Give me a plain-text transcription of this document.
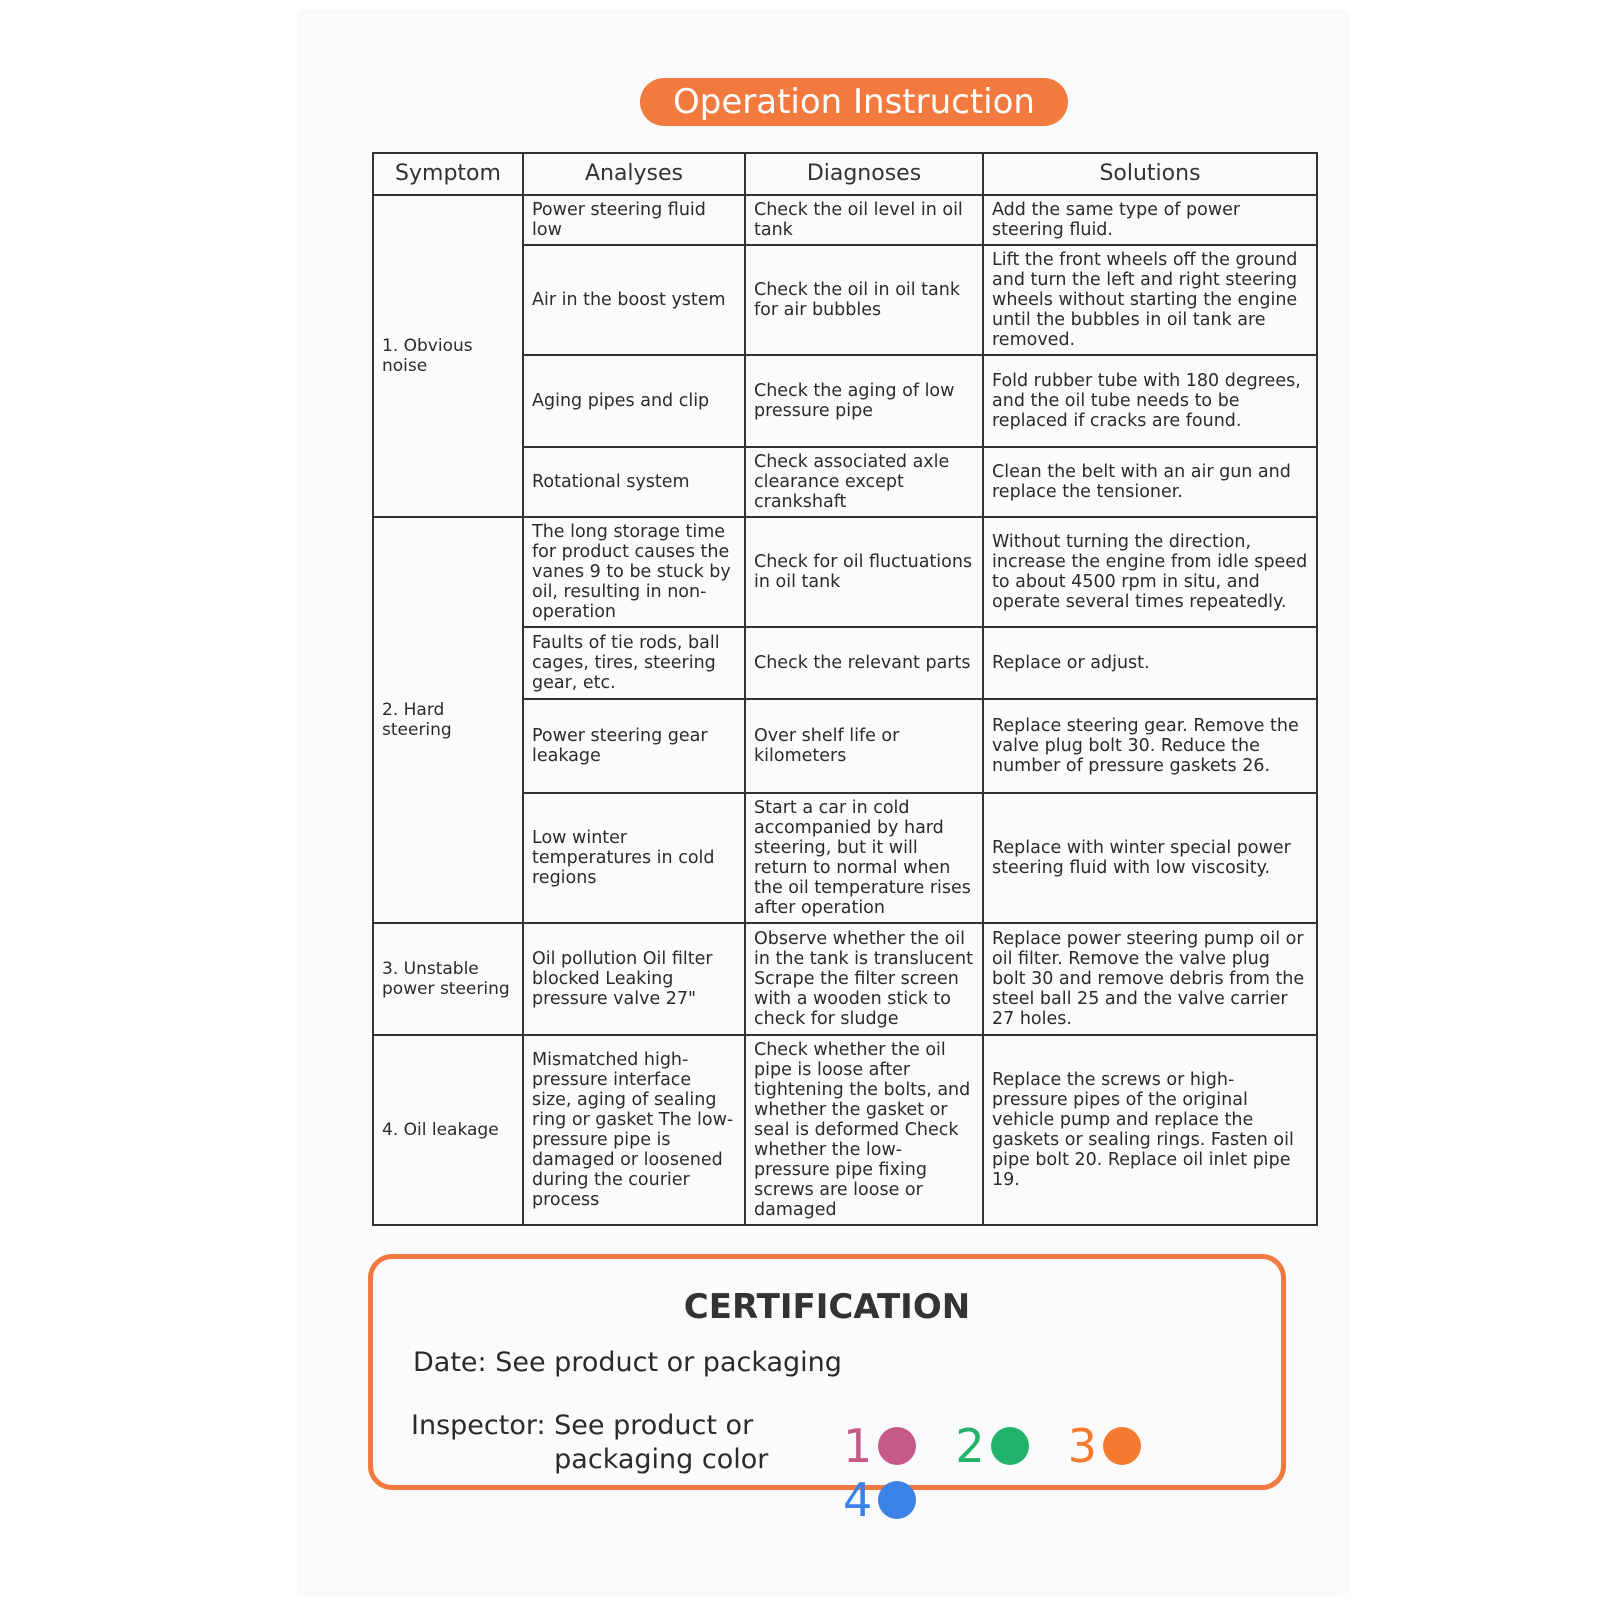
Operation Instruction
Symptom	Analyses	Diagnoses	Solutions
1. Obvious noise	Power steering fluid low	Check the oil level in oil tank	Add the same type of power steering fluid.
	Air in the boost ystem	Check the oil in oil tank for air bubbles	Lift the front wheels off the ground and turn the left and right steering wheels without starting the engine until the bubbles in oil tank are removed.
	Aging pipes and clip	Check the aging of low pressure pipe	Fold rubber tube with 180 degrees, and the oil tube needs to be replaced if cracks are found.
	Rotational system	Check associated axle clearance except crankshaft	Clean the belt with an air gun and replace the tensioner.
2. Hard steering	The long storage time for product causes the vanes 9 to be stuck by oil, resulting in non-operation	Check for oil fluctuations in oil tank	Without turning the direction, increase the engine from idle speed to about 4500 rpm in situ, and operate several times repeatedly.
	Faults of tie rods, ball cages, tires, steering gear, etc.	Check the relevant parts	Replace or adjust.
	Power steering gear leakage	Over shelf life or kilometers	Replace steering gear. Remove the valve plug bolt 30. Reduce the number of pressure gaskets 26.
	Low winter temperatures in cold regions	Start a car in cold accompanied by hard steering, but it will return to normal when the oil temperature rises after operation	Replace with winter special power steering fluid with low viscosity.
3. Unstable power steering	Oil pollution Oil filter blocked Leaking pressure valve 27"	Observe whether the oil in the tank is translucent Scrape the filter screen with a wooden stick to check for sludge	Replace power steering pump oil or oil filter. Remove the valve plug bolt 30 and remove debris from the steel ball 25 and the valve carrier 27 holes.
4. Oil leakage	Mismatched high-pressure interface size, aging of sealing ring or gasket The low-pressure pipe is damaged or loosened during the courier process	Check whether the oil pipe is loose after tightening the bolts, and whether the gasket or seal is deformed Check whether the low-pressure pipe fixing screws are loose or damaged	Replace the screws or high-pressure pipes of the original vehicle pump and replace the gaskets or sealing rings. Fasten oil pipe bolt 20. Replace oil inlet pipe 19.
CERTIFICATION
Date: See product or packaging
Inspector: See product or packaging color 1 2 3 4
